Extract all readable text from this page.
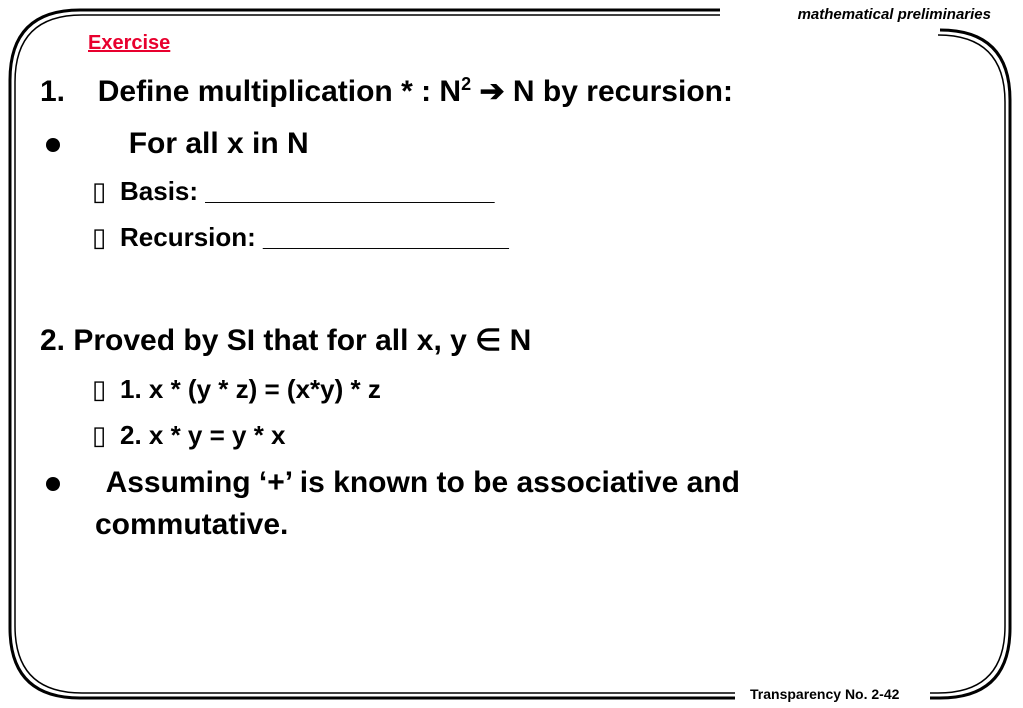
mathematical preliminaries
Transparency No. 2-42
Exercise
1. Define multiplication * : $N^2$ ➔ N by recursion:
For all x in N
▯ Basis: ____________________
▯ Recursion: _________________
2. Proved by SI that for all x, y ∈ N
▯ 1. x * (y * z) = (x*y) * z
▯ 2. x * y = y * x
Assuming ‘+’ is known to be associative and
commutative.
